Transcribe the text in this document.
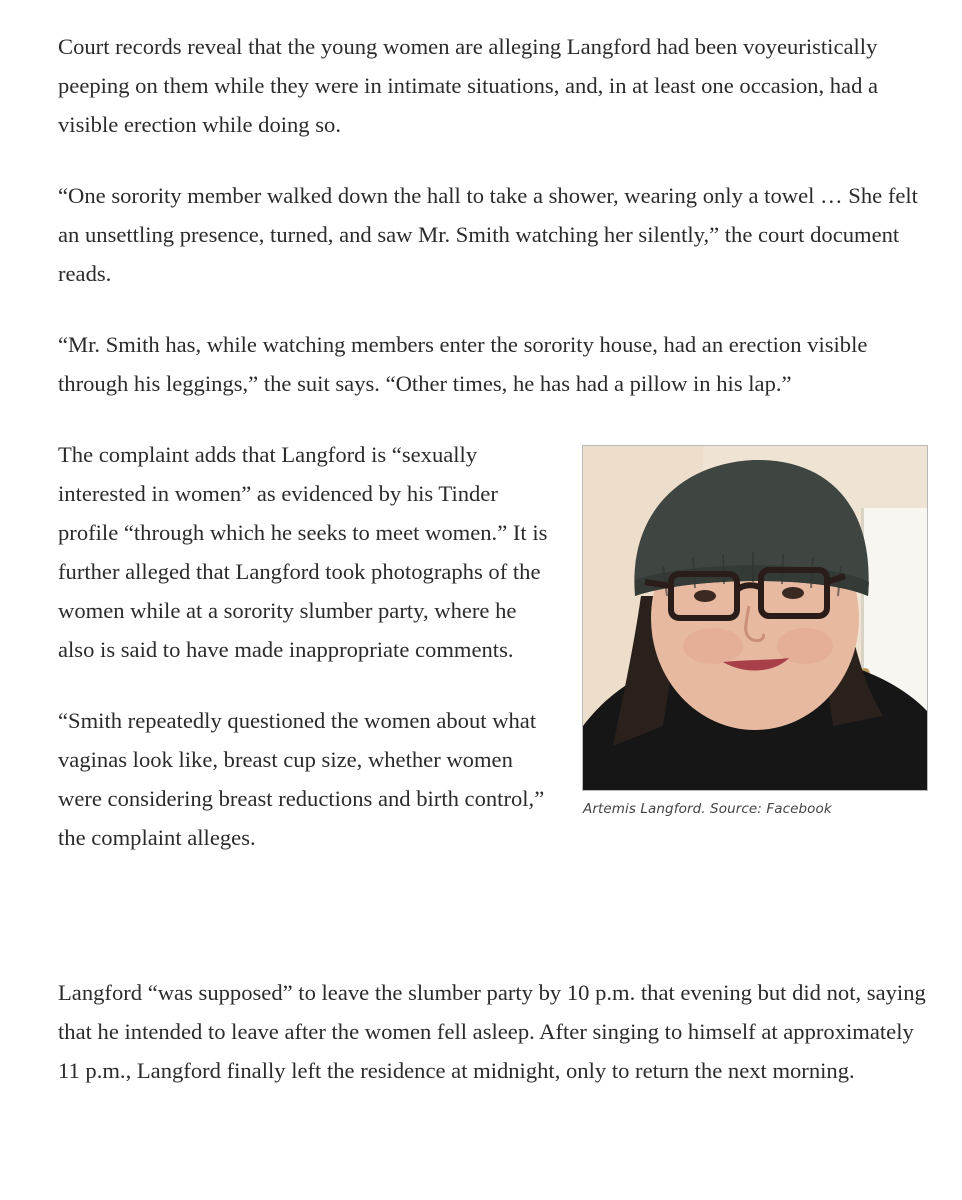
Court records reveal that the young women are alleging Langford had been voyeuristically peeping on them while they were in intimate situations, and, in at least one occasion, had a visible erection while doing so.

“One sorority member walked down the hall to take a shower, wearing only a towel … She felt an unsettling presence, turned, and saw Mr. Smith watching her silently,” the court document reads.

“Mr. Smith has, while watching members enter the sorority house, had an erection visible through his leggings,” the suit says. “Other times, he has had a pillow in his lap.”

The complaint adds that Langford is “sexually interested in women” as evidenced by his Tinder profile “through which he seeks to meet women.” It is further alleged that Langford took photographs of the women while at a sorority slumber party, where he also is said to have made inappropriate comments.

“Smith repeatedly questioned the women about what vaginas look like, breast cup size, whether women were considering breast reductions and birth control,” the complaint alleges.

Artemis Langford. Source: Facebook

Langford “was supposed” to leave the slumber party by 10 p.m. that evening but did not, saying that he intended to leave after the women fell asleep. After singing to himself at approximately 11 p.m., Langford finally left the residence at midnight, only to return the next morning.
